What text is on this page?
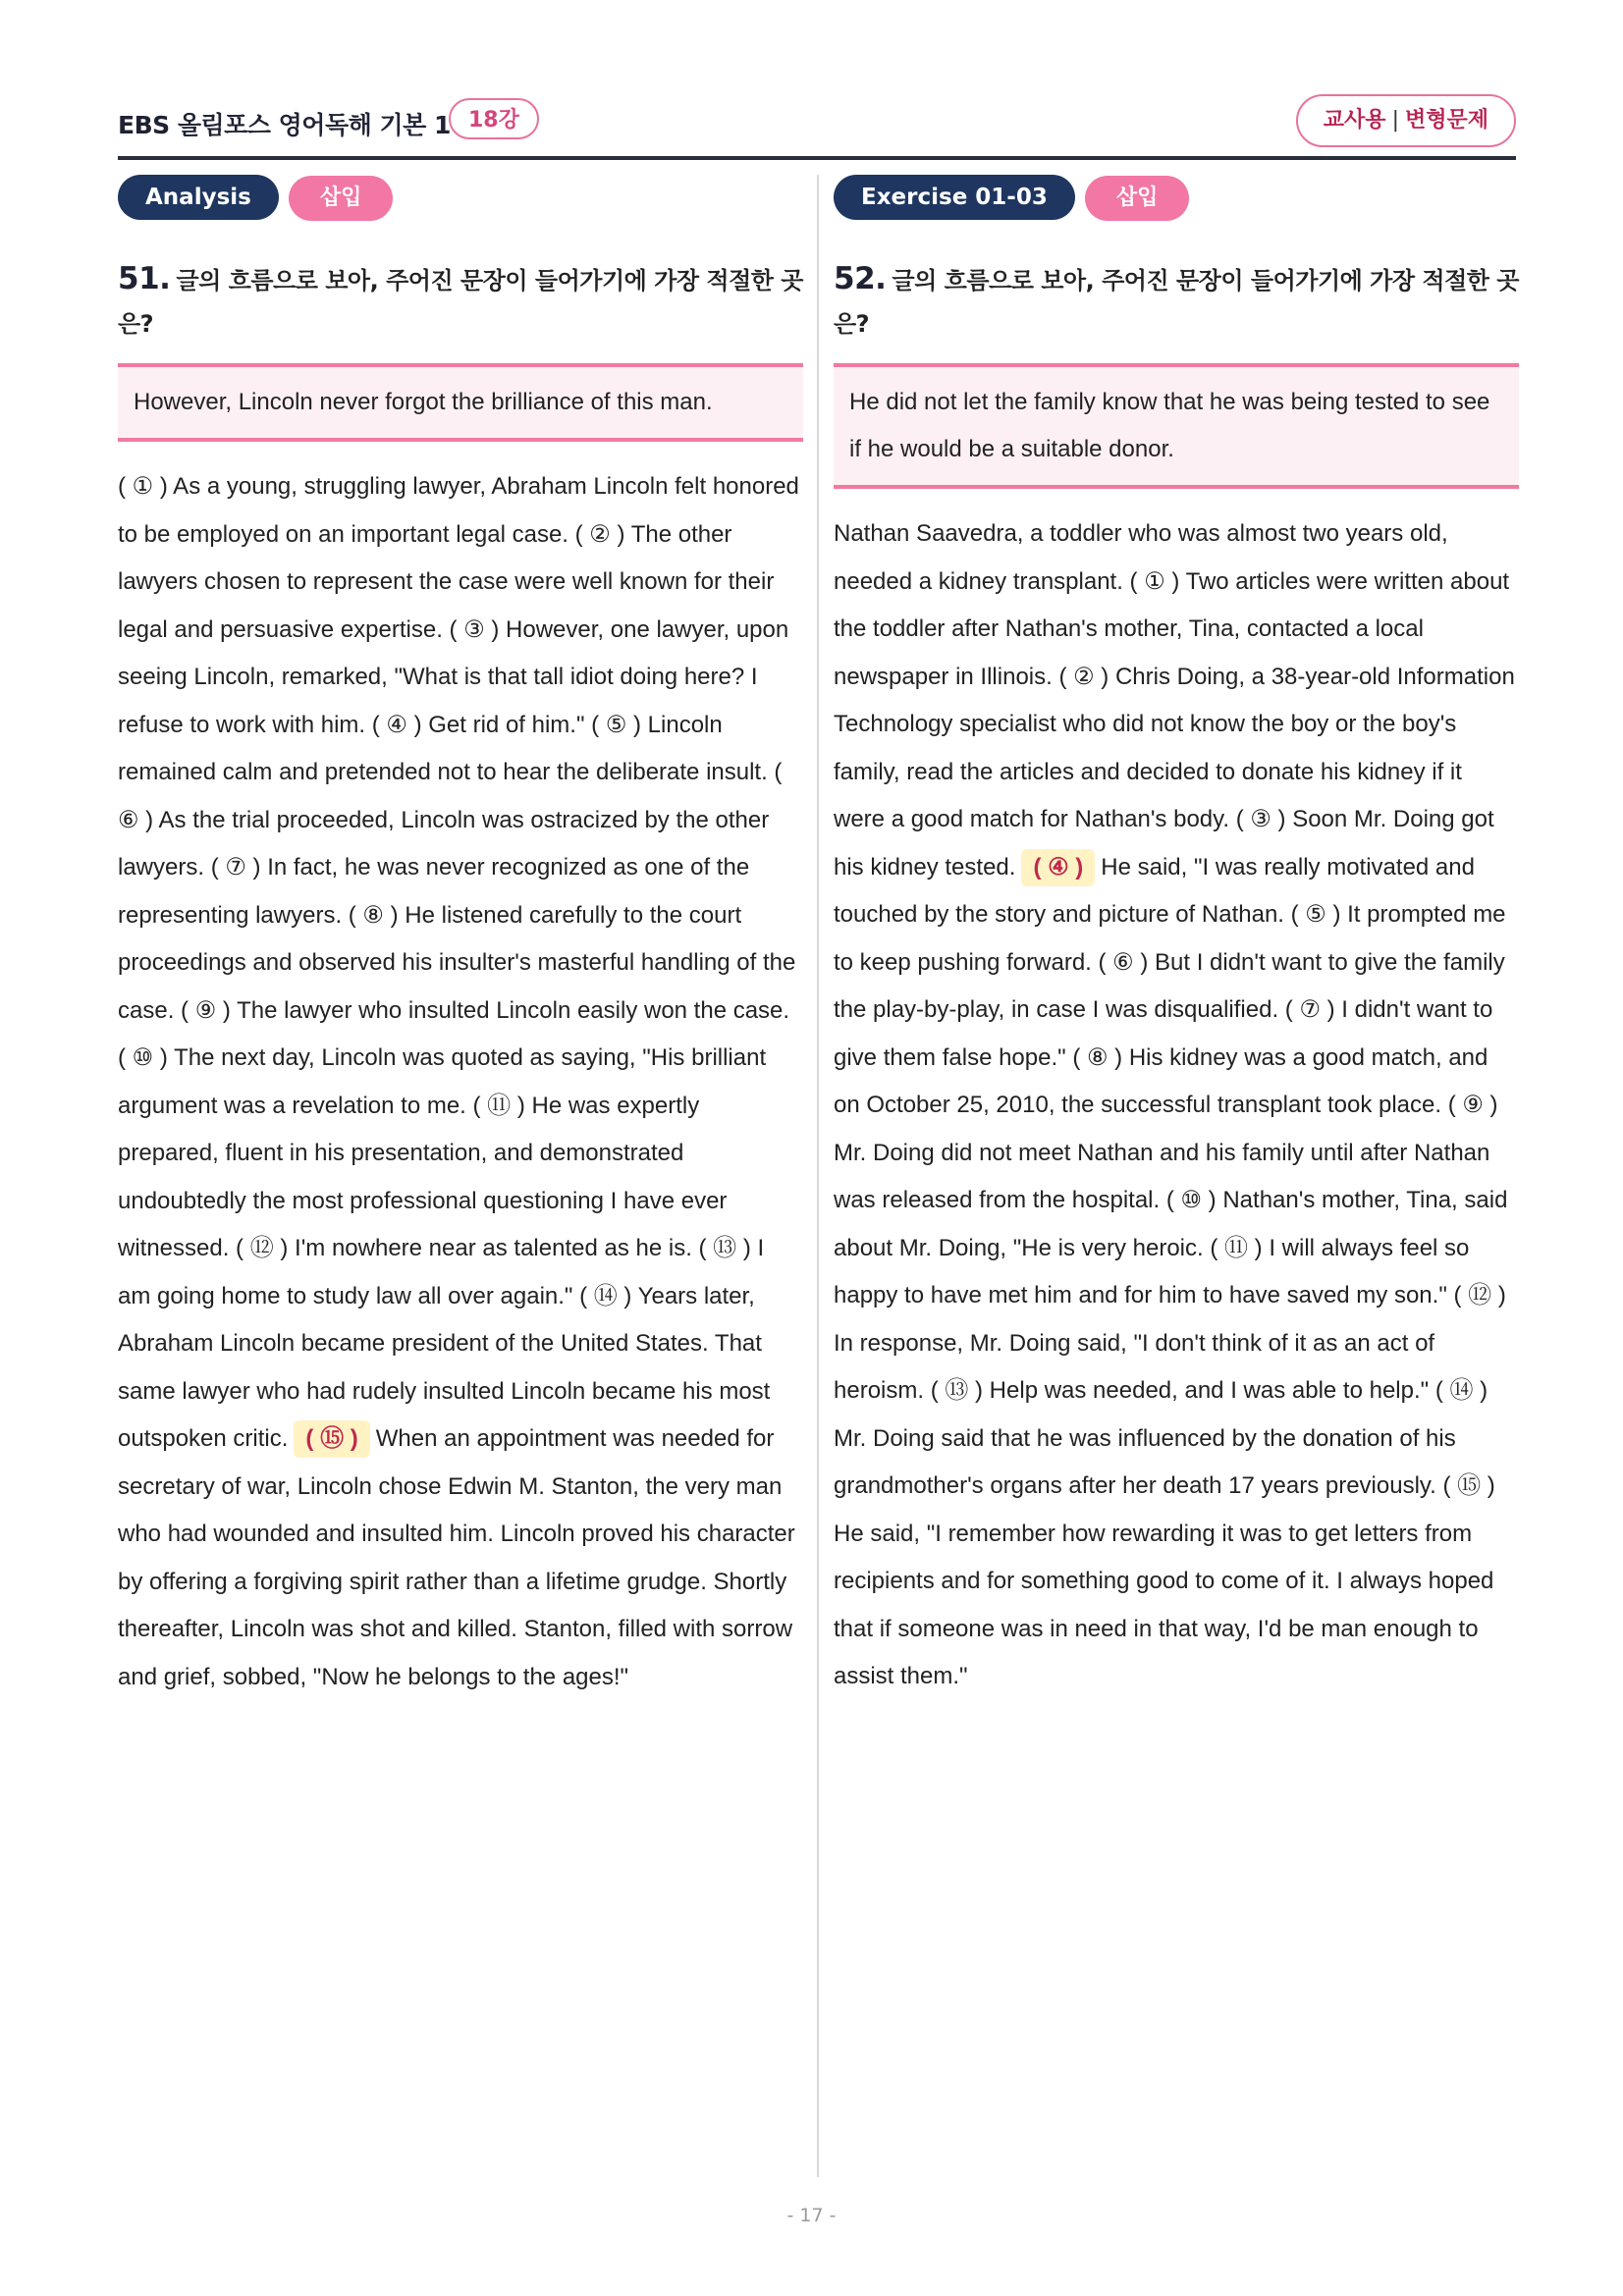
EBS 올림포스 영어독해 기본 1 18강	교사용 | 변형문제
Analysis	삽입
51. 글의 흐름으로 보아, 주어진 문장이 들어가기에 가장 적절한 곳은?
However, Lincoln never forgot the brilliance of this man.
( ① ) As a young, struggling lawyer, Abraham Lincoln felt honored to be employed on an important legal case. ( ② ) The other lawyers chosen to represent the case were well known for their legal and persuasive expertise. ( ③ ) However, one lawyer, upon seeing Lincoln, remarked, "What is that tall idiot doing here? I refuse to work with him. ( ④ ) Get rid of him." ( ⑤ ) Lincoln remained calm and pretended not to hear the deliberate insult. ( ⑥ ) As the trial proceeded, Lincoln was ostracized by the other lawyers. ( ⑦ ) In fact, he was never recognized as one of the representing lawyers. ( ⑧ ) He listened carefully to the court proceedings and observed his insulter's masterful handling of the case. ( ⑨ ) The lawyer who insulted Lincoln easily won the case. ( ⑩ ) The next day, Lincoln was quoted as saying, "His brilliant argument was a revelation to me. ( ⑪ ) He was expertly prepared, fluent in his presentation, and demonstrated undoubtedly the most professional questioning I have ever witnessed. ( ⑫ ) I'm nowhere near as talented as he is. ( ⑬ ) I am going home to study law all over again." ( ⑭ ) Years later, Abraham Lincoln became president of the United States. That same lawyer who had rudely insulted Lincoln became his most outspoken critic. ( ⑮ ) When an appointment was needed for secretary of war, Lincoln chose Edwin M. Stanton, the very man who had wounded and insulted him. Lincoln proved his character by offering a forgiving spirit rather than a lifetime grudge. Shortly thereafter, Lincoln was shot and killed. Stanton, filled with sorrow and grief, sobbed, "Now he belongs to the ages!"
Exercise 01-03	삽입
52. 글의 흐름으로 보아, 주어진 문장이 들어가기에 가장 적절한 곳은?
He did not let the family know that he was being tested to see if he would be a suitable donor.
Nathan Saavedra, a toddler who was almost two years old, needed a kidney transplant. ( ① ) Two articles were written about the toddler after Nathan's mother, Tina, contacted a local newspaper in Illinois. ( ② ) Chris Doing, a 38-year-old Information Technology specialist who did not know the boy or the boy's family, read the articles and decided to donate his kidney if it were a good match for Nathan's body. ( ③ ) Soon Mr. Doing got his kidney tested. ( ④ ) He said, "I was really motivated and touched by the story and picture of Nathan. ( ⑤ ) It prompted me to keep pushing forward. ( ⑥ ) But I didn't want to give the family the play-by-play, in case I was disqualified. ( ⑦ ) I didn't want to give them false hope." ( ⑧ ) His kidney was a good match, and on October 25, 2010, the successful transplant took place. ( ⑨ ) Mr. Doing did not meet Nathan and his family until after Nathan was released from the hospital. ( ⑩ ) Nathan's mother, Tina, said about Mr. Doing, "He is very heroic. ( ⑪ ) I will always feel so happy to have met him and for him to have saved my son." ( ⑫ ) In response, Mr. Doing said, "I don't think of it as an act of heroism. ( ⑬ ) Help was needed, and I was able to help." ( ⑭ ) Mr. Doing said that he was influenced by the donation of his grandmother's organs after her death 17 years previously. ( ⑮ ) He said, "I remember how rewarding it was to get letters from recipients and for something good to come of it. I always hoped that if someone was in need in that way, I'd be man enough to assist them."
- 17 -
